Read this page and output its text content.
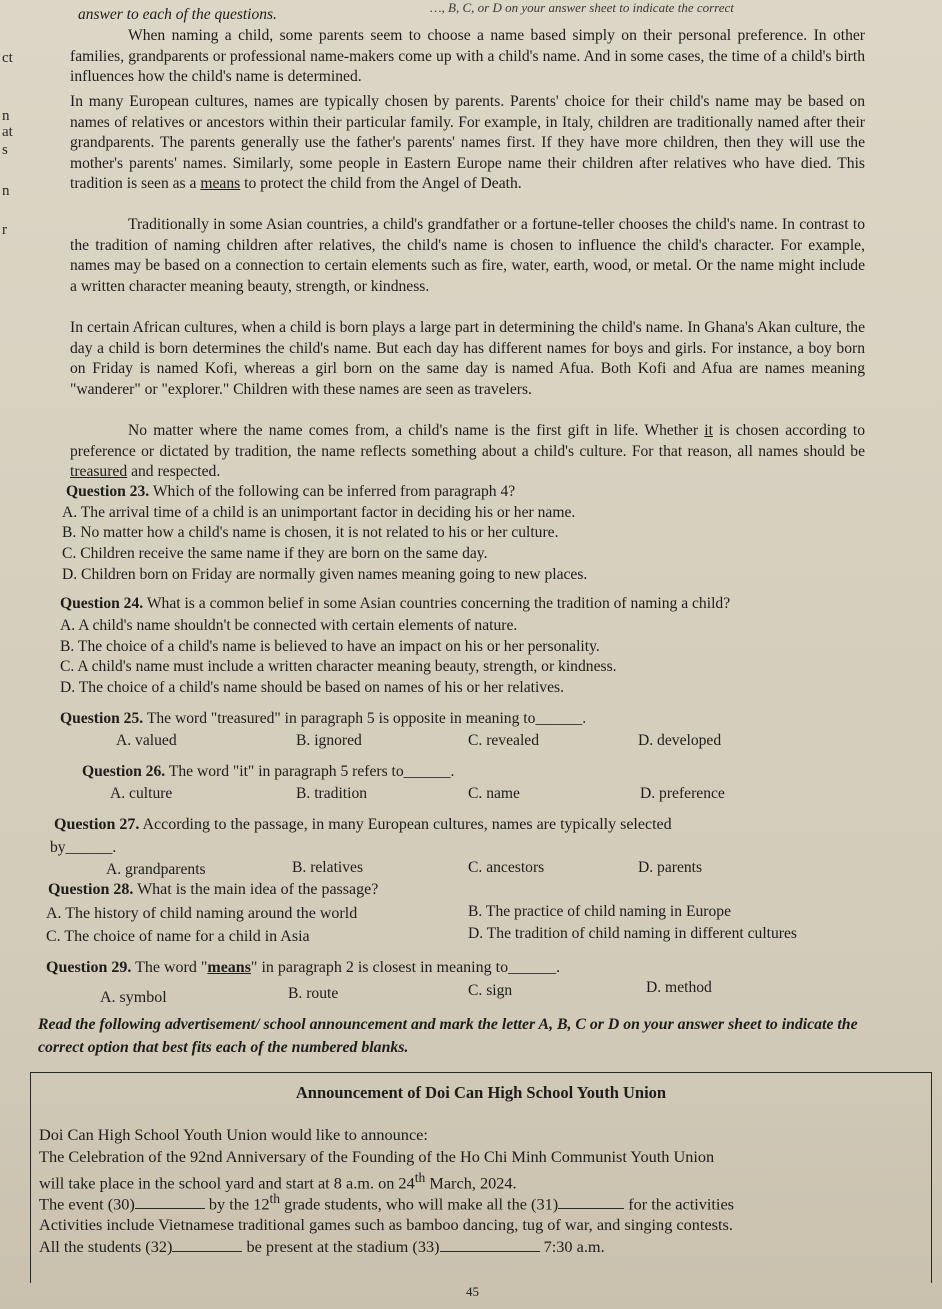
ct
n
at
s
n
r
…, B, C, or D on your answer sheet to indicate the correct
answer to each of the questions.
When naming a child, some parents seem to choose a name based simply on their personal preference. In other families, grandparents or professional name-makers come up with a child's name. And in some cases, the time of a child's birth influences how the child's name is determined.
In many European cultures, names are typically chosen by parents. Parents' choice for their child's name may be based on names of relatives or ancestors within their particular family. For example, in Italy, children are traditionally named after their grandparents. The parents generally use the father's parents' names first. If they have more children, then they will use the mother's parents' names. Similarly, some people in Eastern Europe name their children after relatives who have died. This tradition is seen as a means to protect the child from the Angel of Death.
Traditionally in some Asian countries, a child's grandfather or a fortune-teller chooses the child's name. In contrast to the tradition of naming children after relatives, the child's name is chosen to influence the child's character. For example, names may be based on a connection to certain elements such as fire, water, earth, wood, or metal. Or the name might include a written character meaning beauty, strength, or kindness.
In certain African cultures, when a child is born plays a large part in determining the child's name. In Ghana's Akan culture, the day a child is born determines the child's name. But each day has different names for boys and girls. For instance, a boy born on Friday is named Kofi, whereas a girl born on the same day is named Afua. Both Kofi and Afua are names meaning "wanderer" or "explorer." Children with these names are seen as travelers.
No matter where the name comes from, a child's name is the first gift in life. Whether it is chosen according to preference or dictated by tradition, the name reflects something about a child's culture. For that reason, all names should be treasured and respected.
Question 23. Which of the following can be inferred from paragraph 4?
A. The arrival time of a child is an unimportant factor in deciding his or her name.
B. No matter how a child's name is chosen, it is not related to his or her culture.
C. Children receive the same name if they are born on the same day.
D. Children born on Friday are normally given names meaning going to new places.
Question 24. What is a common belief in some Asian countries concerning the tradition of naming a child?
A. A child's name shouldn't be connected with certain elements of nature.
B. The choice of a child's name is believed to have an impact on his or her personality.
C. A child's name must include a written character meaning beauty, strength, or kindness.
D. The choice of a child's name should be based on names of his or her relatives.
Question 25. The word "treasured" in paragraph 5 is opposite in meaning to______.
A. valued	B. ignored	C. revealed	D. developed
Question 26. The word "it" in paragraph 5 refers to______.
A. culture	B. tradition	C. name	D. preference
Question 27. According to the passage, in many European cultures, names are typically selected
by______.
A. grandparents	B. relatives	C. ancestors	D. parents
Question 28. What is the main idea of the passage?
A. The history of child naming around the world	B. The practice of child naming in Europe
C. The choice of name for a child in Asia	D. The tradition of child naming in different cultures
Question 29. The word "means" in paragraph 2 is closest in meaning to______.
A. symbol	B. route	C. sign	D. method
Read the following advertisement/ school announcement and mark the letter A, B, C or D on your answer sheet to indicate the correct option that best fits each of the numbered blanks.
Announcement of Doi Can High School Youth Union
Doi Can High School Youth Union would like to announce:
The Celebration of the 92nd Anniversary of the Founding of the Ho Chi Minh Communist Youth Union
will take place in the school yard and start at 8 a.m. on 24th March, 2024.
The event (30)	by the 12th grade students, who will make all the (31)	for the activities
Activities include Vietnamese traditional games such as bamboo dancing, tug of war, and singing contests.
All the students (32)	be present at the stadium (33)	7:30 a.m.
45
